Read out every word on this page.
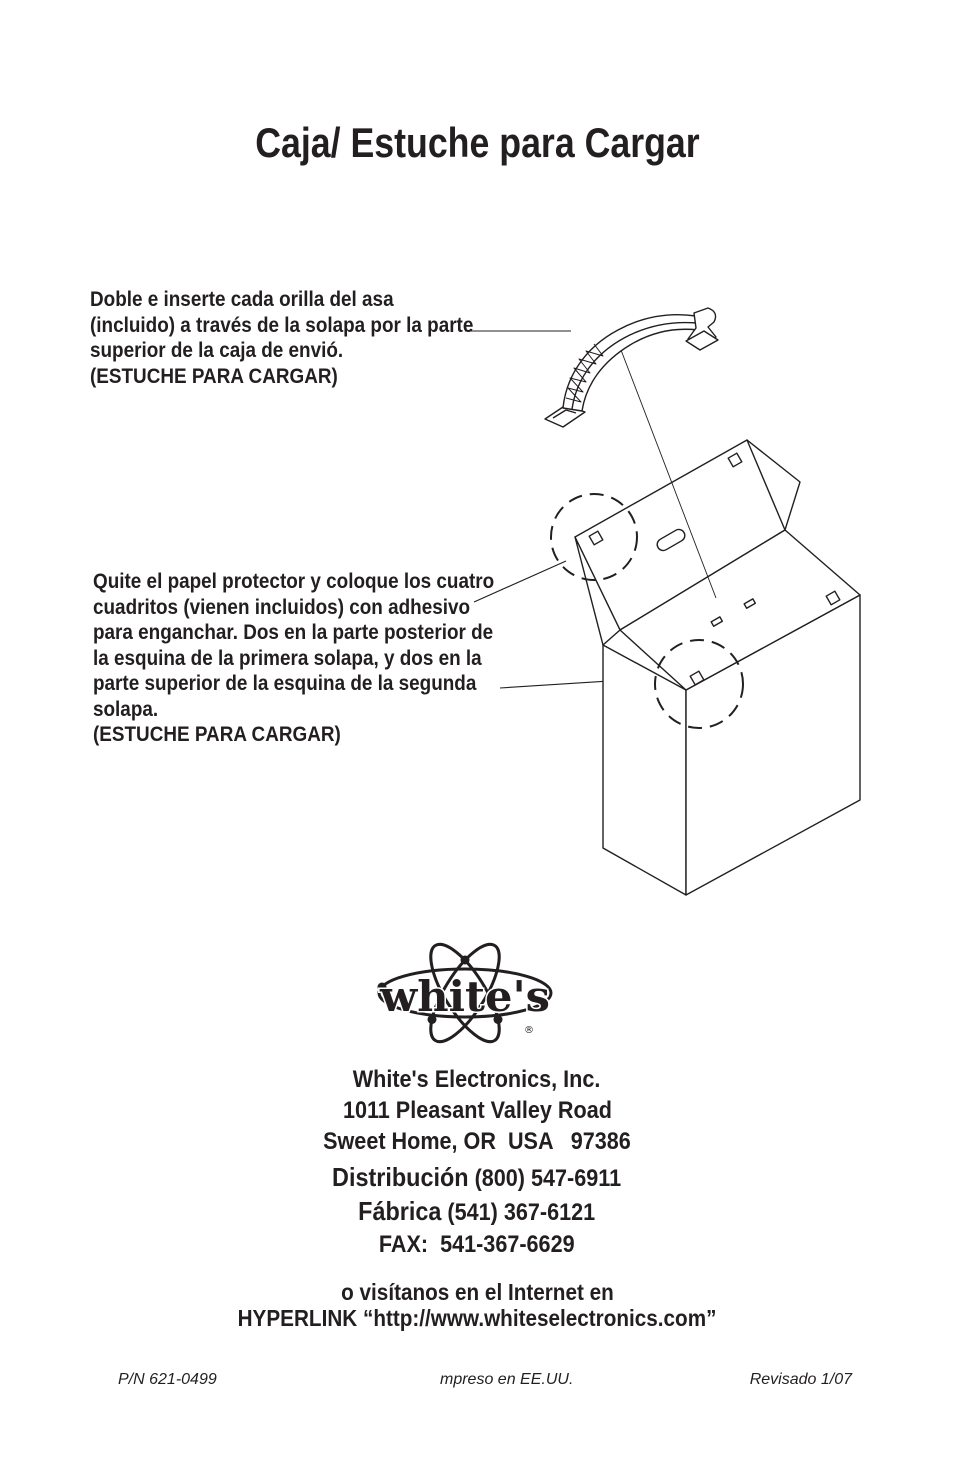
Caja/ Estuche para Cargar
Doble e inserte cada orilla del asa
(incluido) a través de la solapa por la parte
superior de la caja de envió.
(ESTUCHE PARA CARGAR)
Quite el papel protector y coloque los cuatro
cuadritos (vienen incluidos) con adhesivo
para enganchar. Dos en la parte posterior de
la esquina de la primera solapa, y dos en la
parte superior de la esquina de la segunda
solapa.
(ESTUCHE PARA CARGAR)
white's
®
White's Electronics, Inc.
1011 Pleasant Valley Road
Sweet Home, OR  USA   97386
Distribución (800) 547-6911
Fábrica (541) 367-6121
FAX:  541-367-6629
o visítanos en el Internet en
HYPERLINK “http://www.whiteselectronics.com”
P/N 621-0499	mpreso en EE.UU.	Revisado 1/07
